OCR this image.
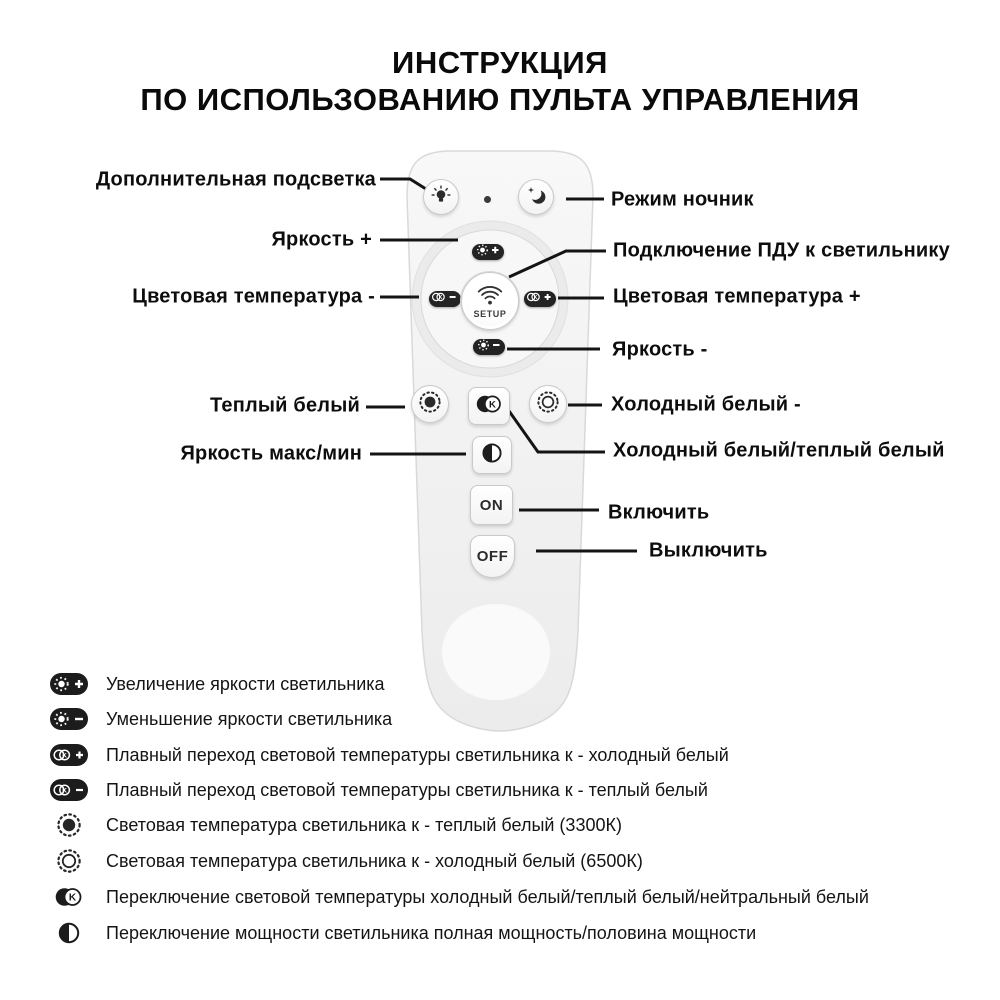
ИНСТРУКЦИЯ
ПО ИСПОЛЬЗОВАНИЮ ПУЛЬТА УПРАВЛЕНИЯ
K
SETUP
K
K
ON
OFF
Дополнительная подсветка
Яркость +
Цветовая температура -
Теплый белый
Яркость макс/мин
Режим ночник
Подключение ПДУ к светильнику
Цветовая температура +
Яркость -
Холодный белый -
Холодный белый/теплый белый
Включить
Выключить
Увеличение яркости светильника
Уменьшение яркости светильника
K Плавный переход световой температуры светильника к - холодный белый
K Плавный переход световой температуры светильника к - теплый белый
Световая температура светильника к - теплый белый (3300К)
Световая температура светильника к - холодный белый (6500К)
K Переключение световой температуры холодный белый/теплый белый/нейтральный белый
Переключение мощности светильника полная мощность/половина мощности
